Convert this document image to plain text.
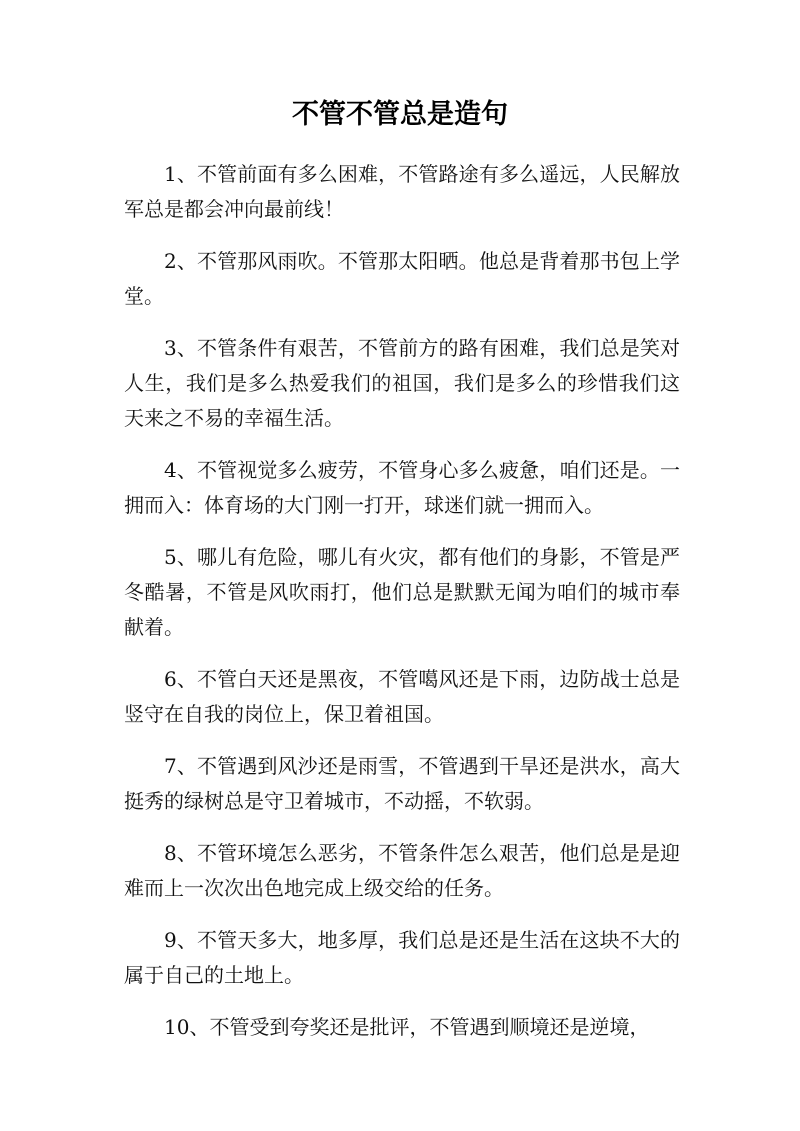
不管不管总是造句

1、不管前面有多么困难，不管路途有多么遥远，人民解放军总是都会冲向最前线！

2、不管那风雨吹。不管那太阳晒。他总是背着那书包上学堂。

3、不管条件有艰苦，不管前方的路有困难，我们总是笑对人生，我们是多么热爱我们的祖国，我们是多么的珍惜我们这天来之不易的幸福生活。

4、不管视觉多么疲劳，不管身心多么疲惫，咱们还是。一拥而入：体育场的大门刚一打开，球迷们就一拥而入。

5、哪儿有危险，哪儿有火灾，都有他们的身影，不管是严冬酷暑，不管是风吹雨打，他们总是默默无闻为咱们的城市奉献着。

6、不管白天还是黑夜，不管噶风还是下雨，边防战士总是竖守在自我的岗位上，保卫着祖国。

7、不管遇到风沙还是雨雪，不管遇到干旱还是洪水，高大挺秀的绿树总是守卫着城市，不动摇，不软弱。

8、不管环境怎么恶劣，不管条件怎么艰苦，他们总是是迎难而上一次次出色地完成上级交给的任务。

9、不管天多大，地多厚，我们总是还是生活在这块不大的属于自己的土地上。

10、不管受到夸奖还是批评，不管遇到顺境还是逆境，
